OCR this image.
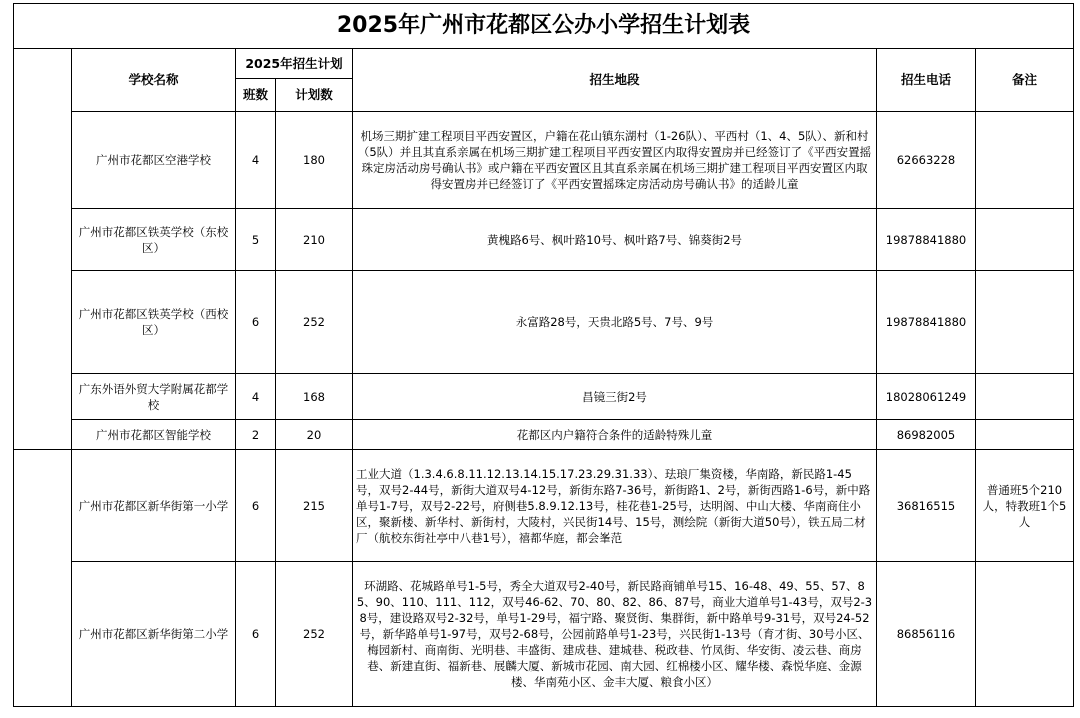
2025年广州市花都区公办小学招生计划表						
	学校名称	2025年招生计划		招生地段	招生电话	备注
		班数	计划数			
	广州市花都区空港学校	4	180	机场三期扩建工程项目平西安置区，户籍在花山镇东湖村（1-26队）、平西村（1、4、5队）、新和村（5队）并且其直系亲属在机场三期扩建工程项目平西安置区内取得安置房并已经签订了《平西安置摇珠定房活动房号确认书》或户籍在平西安置区且其直系亲属在机场三期扩建工程项目平西安置区内取得安置房并已经签订了《平西安置摇珠定房活动房号确认书》的适龄儿童	62663228	
	广州市花都区铁英学校（东校区）	5	210	黄槐路6号、枫叶路10号、枫叶路7号、锦葵街2号	19878841880	
	广州市花都区铁英学校（西校区）	6	252	永富路28号，天贵北路5号、7号、9号	19878841880	
	广东外语外贸大学附属花都学校	4	168	昌镜三街2号	18028061249	
	广州市花都区智能学校	2	20	花都区内户籍符合条件的适龄特殊儿童	86982005	
	广州市花都区新华街第一小学	6	215	工业大道（1.3.4.6.8.11.12.13.14.15.17.23.29.31.33）、珐琅厂集资楼，华南路，新民路1-45号，双号2-44号，新街大道双号4-12号，新街东路7-36号，新街路1、2号，新街西路1-6号，新中路单号1-7号，双号2-22号，府侧巷5.8.9.12.13号，桂花巷1-25号，达明阁、中山大楼、华南商住小区，聚新楼、新华村、新街村，大陵村，兴民街14号、15号，测绘院（新街大道50号），铁五局二材厂（航校东街社亭中八巷1号），禧都华庭，都会峯范	36816515	普通班5个210人，特教班1个5人
	广州市花都区新华街第二小学	6	252	环湖路、花城路单号1-5号，秀全大道双号2-40号，新民路商铺单号15、16-48、49、55、57、85、90、110、111、112，双号46-62、70、80、82、86、87号，商业大道单号1-43号，双号2-38号，建设路双号2-32号，单号1-29号，福宁路、聚贤街、集群街，新中路单号9-31号，双号24-52号，新华路单号1-97号，双号2-68号，公园前路单号1-23号，兴民街1-13号（育才街、30号小区、梅园新村、商南街、光明巷、丰盛街、建成巷、建城巷、税政巷、竹凤街、华安街、凌云巷、商房巷、新建直街、福新巷、展麟大厦、新城市花园、南大园、红棉楼小区、耀华楼、森悦华庭、金源楼、华南苑小区、金丰大厦、粮食小区）	86856116	
